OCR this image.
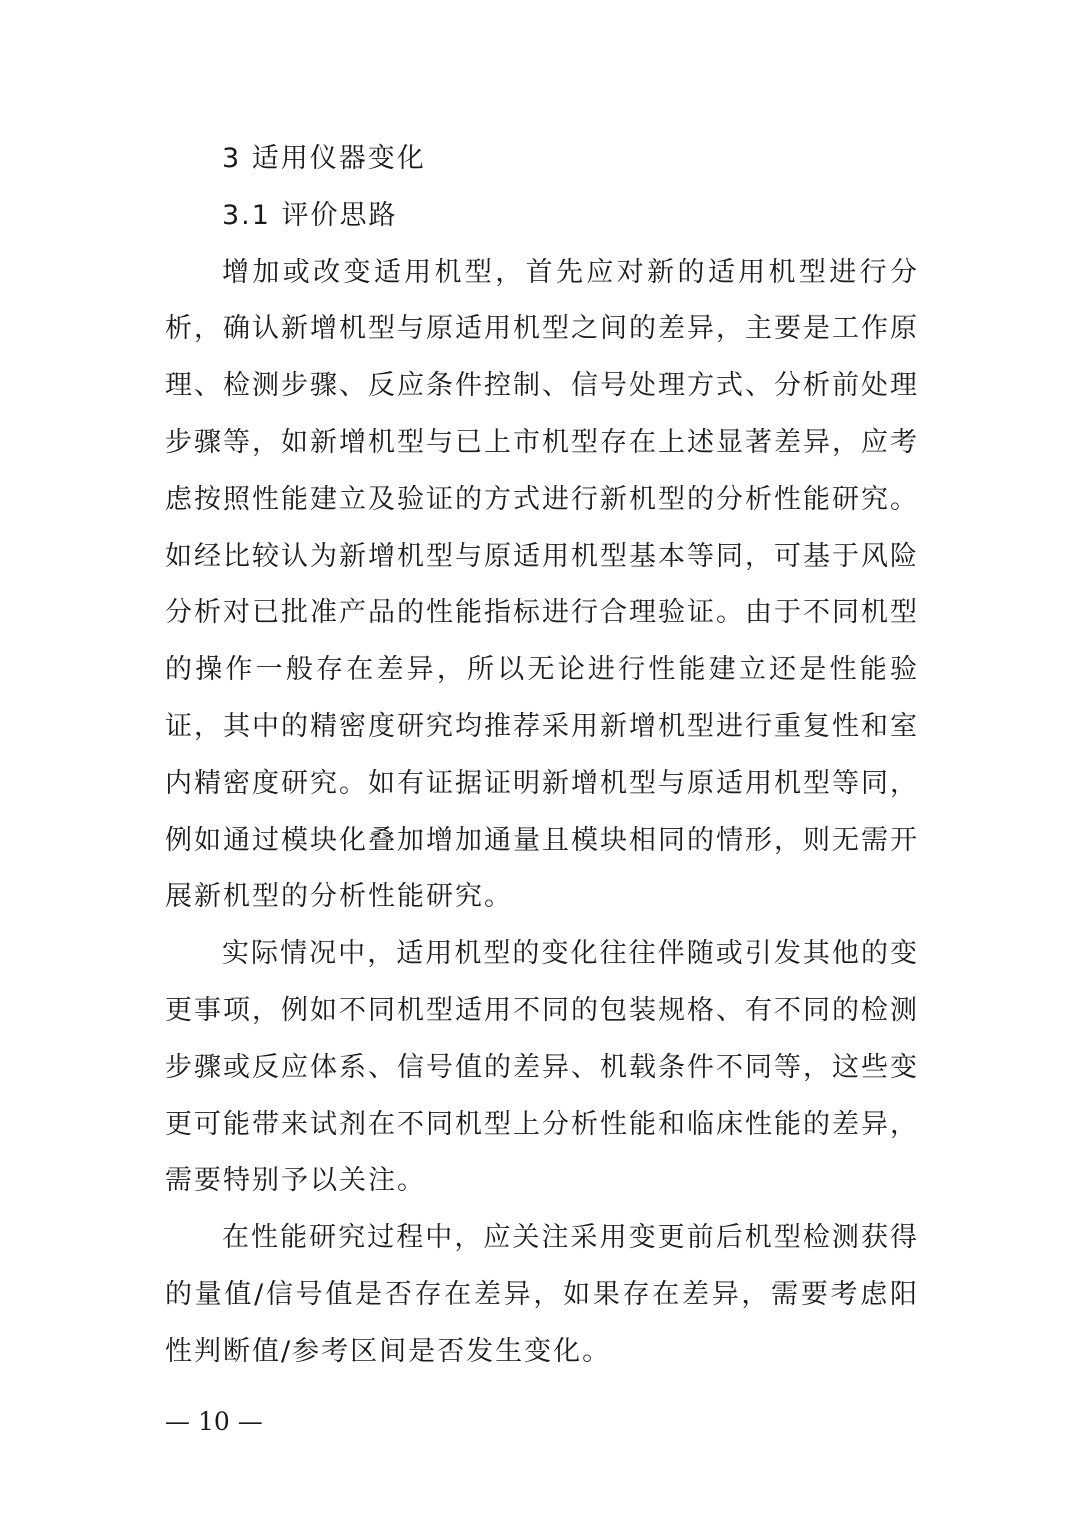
3 适用仪器变化
3.1 评价思路
增加或改变适用机型，首先应对新的适用机型进行分
析，确认新增机型与原适用机型之间的差异，主要是工作原
理、检测步骤、反应条件控制、信号处理方式、分析前处理
步骤等，如新增机型与已上市机型存在上述显著差异，应考
虑按照性能建立及验证的方式进行新机型的分析性能研究。
如经比较认为新增机型与原适用机型基本等同，可基于风险
分析对已批准产品的性能指标进行合理验证。由于不同机型
的操作一般存在差异，所以无论进行性能建立还是性能验
证，其中的精密度研究均推荐采用新增机型进行重复性和室
内精密度研究。如有证据证明新增机型与原适用机型等同，
例如通过模块化叠加增加通量且模块相同的情形，则无需开
展新机型的分析性能研究。
实际情况中，适用机型的变化往往伴随或引发其他的变
更事项，例如不同机型适用不同的包装规格、有不同的检测
步骤或反应体系、信号值的差异、机载条件不同等，这些变
更可能带来试剂在不同机型上分析性能和临床性能的差异，
需要特别予以关注。
在性能研究过程中，应关注采用变更前后机型检测获得
的量值/信号值是否存在差异，如果存在差异，需要考虑阳
性判断值/参考区间是否发生变化。
— 10 —
